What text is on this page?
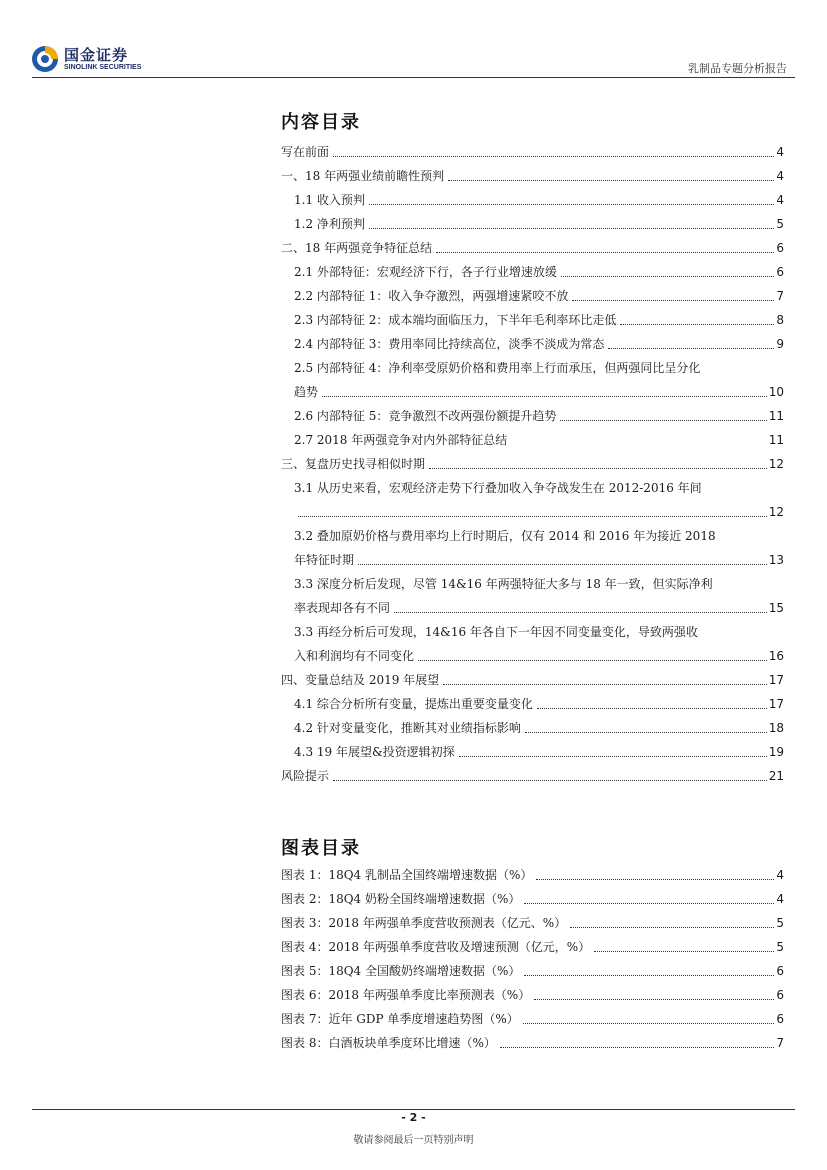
国金证券
SINOLINK SECURITIES	乳制品专题分析报告
内容目录
写在前面	4
一、18 年两强业绩前瞻性预判	4
1.1 收入预判	4
1.2 净利预判	5
二、18 年两强竞争特征总结	6
2.1 外部特征：宏观经济下行，各子行业增速放缓	6
2.2 内部特征 1：收入争夺激烈，两强增速紧咬不放	7
2.3 内部特征 2：成本端均面临压力，下半年毛利率环比走低	8
2.4 内部特征 3：费用率同比持续高位，淡季不淡成为常态	9
2.5 内部特征 4：净利率受原奶价格和费用率上行而承压，但两强同比呈分化
趋势	10
2.6 内部特征 5：竞争激烈不改两强份额提升趋势	11
2.7 2018 年两强竞争对内外部特征总结	11
三、复盘历史找寻相似时期	12
3.1 从历史来看，宏观经济走势下行叠加收入争夺战发生在 2012-2016 年间
12
3.2 叠加原奶价格与费用率均上行时期后，仅有 2014 和 2016 年为接近 2018
年特征时期	13
3.3 深度分析后发现，尽管 14&16 年两强特征大多与 18 年一致，但实际净利
率表现却各有不同	15
3.3 再经分析后可发现，14&16 年各自下一年因不同变量变化，导致两强收
入和利润均有不同变化	16
四、变量总结及 2019 年展望	17
4.1 综合分析所有变量，提炼出重要变量变化	17
4.2 针对变量变化，推断其对业绩指标影响	18
4.3 19 年展望&投资逻辑初探	19
风险提示	21
图表目录
图表 1：18Q4 乳制品全国终端增速数据（%）	4
图表 2：18Q4 奶粉全国终端增速数据（%）	4
图表 3：2018 年两强单季度营收预测表（亿元、%）	5
图表 4：2018 年两强单季度营收及增速预测（亿元，%）	5
图表 5：18Q4 全国酸奶终端增速数据（%）	6
图表 6：2018 年两强单季度比率预测表（%）	6
图表 7：近年 GDP 单季度增速趋势图（%）	6
图表 8：白酒板块单季度环比增速（%）	7
- 2 -
敬请参阅最后一页特别声明
